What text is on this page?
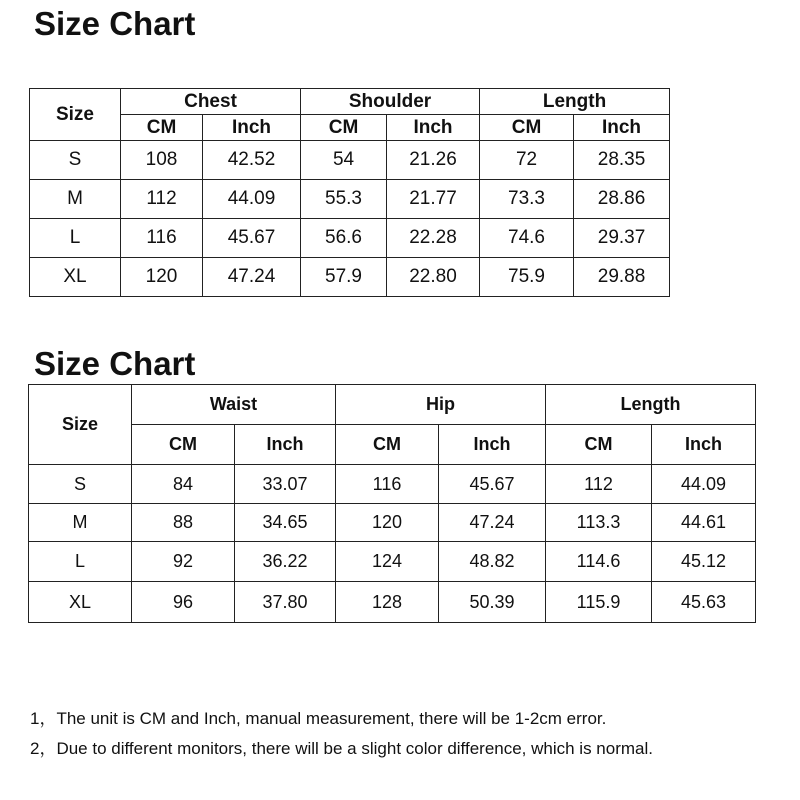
Size Chart
Size	Chest		Shoulder		Length	
	CM	Inch	CM	Inch	CM	Inch
S	108	42.52	54	21.26	72	28.35
M	112	44.09	55.3	21.77	73.3	28.86
L	116	45.67	56.6	22.28	74.6	29.37
XL	120	47.24	57.9	22.80	75.9	29.88
Size Chart
Size	Waist		Hip		Length	
	CM	Inch	CM	Inch	CM	Inch
S	84	33.07	116	45.67	112	44.09
M	88	34.65	120	47.24	113.3	44.61
L	92	36.22	124	48.82	114.6	45.12
XL	96	37.80	128	50.39	115.9	45.63
1，The unit is CM and Inch, manual measurement, there will be 1-2cm error.
2，Due to different monitors, there will be a slight color difference, which is normal.
